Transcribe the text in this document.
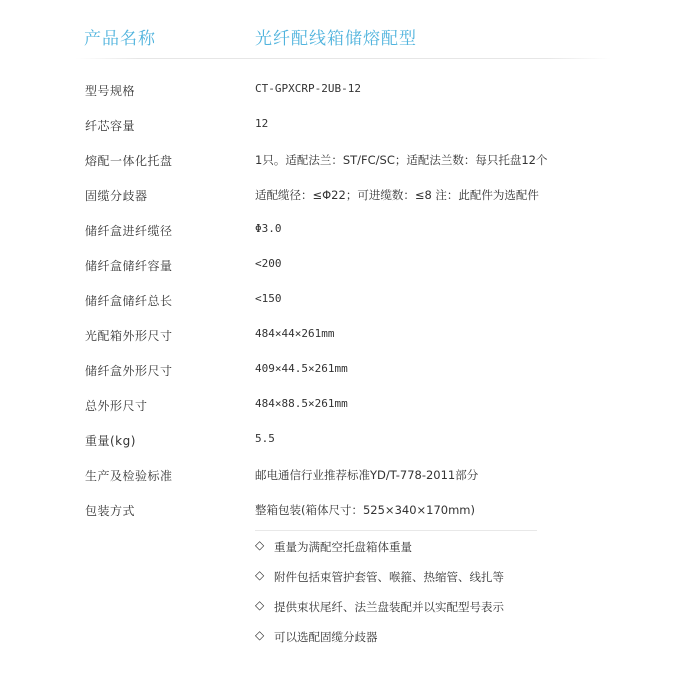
产品名称	光纤配线箱储熔配型
型号规格	CT-GPXCRP-2UB-12
纤芯容量	12
熔配一体化托盘	1只。适配法兰：ST/FC/SC；适配法兰数：每只托盘12个
固缆分歧器	适配缆径：≤Φ22；可进缆数：≤8 注：此配件为选配件
储纤盒进纤缆径	Φ3.0
储纤盒储纤容量	<200
储纤盒储纤总长	<150
光配箱外形尺寸	484×44×261mm
储纤盒外形尺寸	409×44.5×261mm
总外形尺寸	484×88.5×261mm
重量(kg)	5.5
生产及检验标准	邮电通信行业推荐标准YD/T-778-2011部分
包装方式	整箱包装(箱体尺寸：525×340×170mm)
◇ 重量为满配空托盘箱体重量
◇ 附件包括束管护套管、喉箍、热缩管、线扎等
◇ 提供束状尾纤、法兰盘装配并以实配型号表示
◇ 可以选配固缆分歧器
